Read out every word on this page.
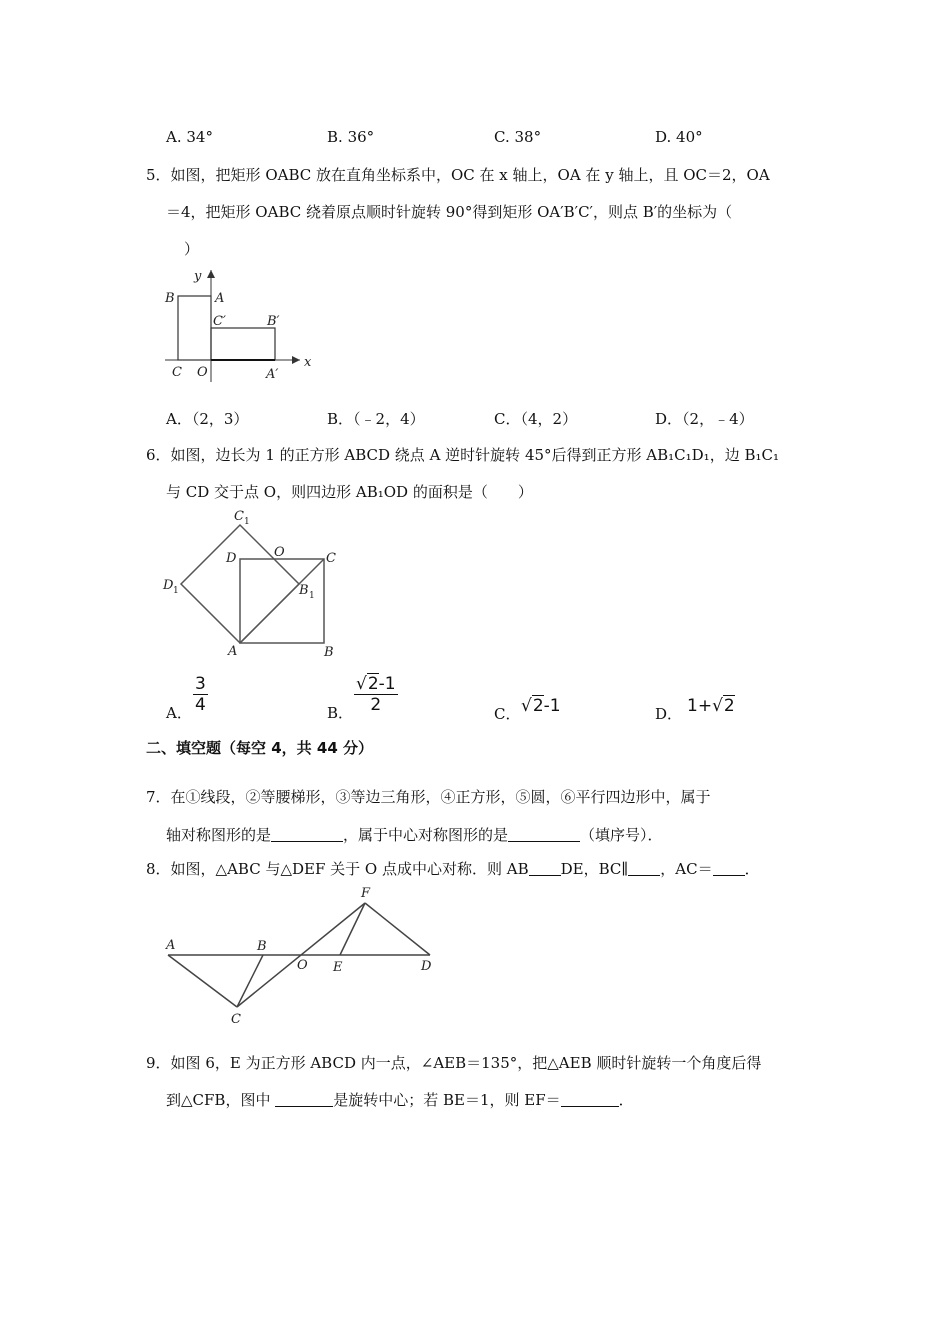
A. 34°	B. 36°	C. 38°	D. 40°
5．如图，把矩形 OABC 放在直角坐标系中，OC 在 x 轴上，OA 在 y 轴上，且 OC＝2，OA
＝4，把矩形 OABC 绕着原点顺时针旋转 90°得到矩形 OA′B′C′，则点 B′的坐标为（
）
y
x
B	A
C′	B′
C O	A′
A．（2，3）	B．（﹣2，4）	C．（4，2）	D．（2，﹣4）
6．如图，边长为 1 的正方形 ABCD 绕点 A 逆时针旋转 45°后得到正方形 AB₁C₁D₁，边 B₁C₁
与 CD 交于点 O，则四边形 AB₁OD 的面积是（　　）
C 1
D	O	C
D 1	B 1
A	B
A． $\frac{3}{4}$	B． $\frac{√2-1}{2}$	C． √2-1	D． 1+√2
二、填空题（每空 4，共 44 分）
7．在①线段，②等腰梯形，③等边三角形，④正方形，⑤圆，⑥平行四边形中，属于
轴对称图形的是	，属于中心对称图形的是	（填序号）．
8．如图，△ABC 与△DEF 关于 O 点成中心对称．则 AB DE，BC∥ ，AC＝ ．
A	B
O E	D
F
C
9．如图 6，E 为正方形 ABCD 内一点，∠AEB＝135°，把△AEB 顺时针旋转一个角度后得
到△CFB，图中	是旋转中心；若 BE＝1，则 EF＝	．
